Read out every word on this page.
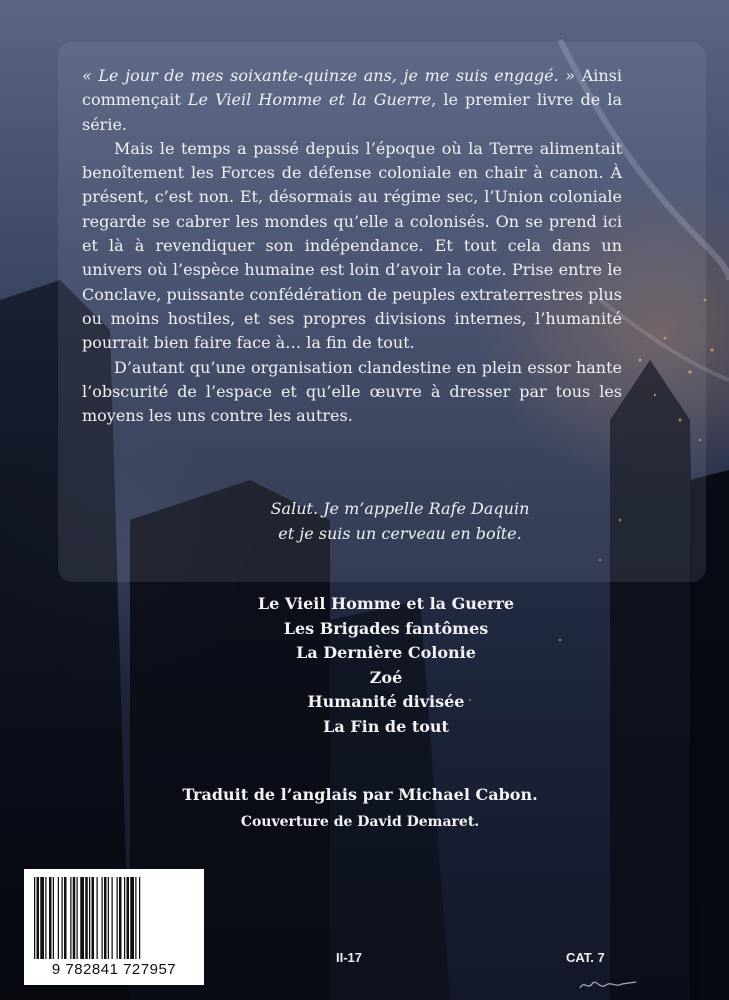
« Le jour de mes soixante-quinze ans, je me suis engagé. » Ainsi commençait Le Vieil Homme et la Guerre, le premier livre de la série.

Mais le temps a passé depuis l’époque où la Terre alimentait benoîtement les Forces de défense coloniale en chair à canon. À présent, c’est non. Et, désormais au régime sec, l’Union coloniale regarde se cabrer les mondes qu’elle a colonisés. On se prend ici et là à revendiquer son indépendance. Et tout cela dans un univers où l’espèce humaine est loin d’avoir la cote. Prise entre le Conclave, puissante confédération de peuples extraterrestres plus ou moins hostiles, et ses propres divisions internes, l’humanité pourrait bien faire face à… la fin de tout.

D’autant qu’une organisation clandestine en plein essor hante l’obscurité de l’espace et qu’elle œuvre à dresser par tous les moyens les uns contre les autres.

Salut. Je m’appelle Rafe Daquin
et je suis un cerveau en boîte.
Le Vieil Homme et la Guerre
Les Brigades fantômes
La Dernière Colonie
Zoé
Humanité divisée
La Fin de tout
Traduit de l’anglais par Michael Cabon.
Couverture de David Demaret.
9 782841 727957
II-17	CAT. 7
